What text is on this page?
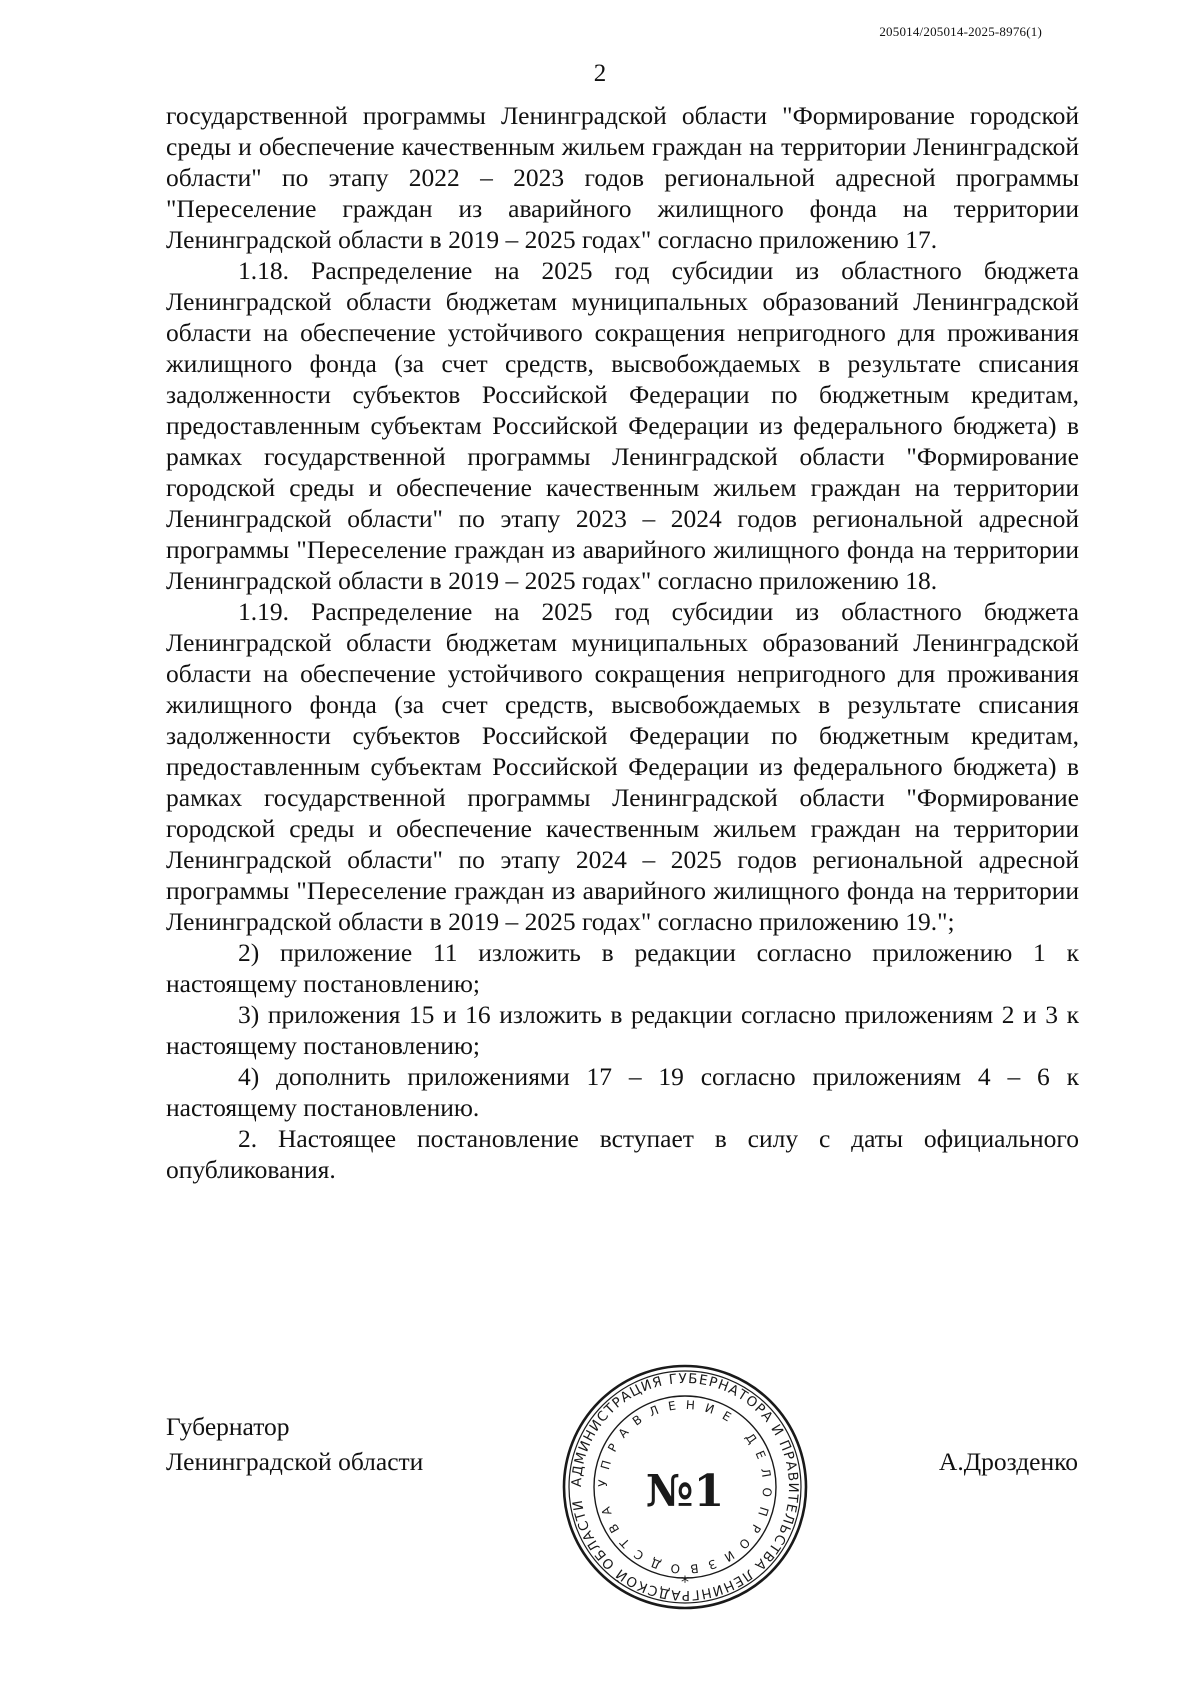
205014/205014-2025-8976(1)
2

государственной программы Ленинградской области "Формирование городской среды и обеспечение качественным жильем граждан на территории Ленинградской области" по этапу 2022 – 2023 годов региональной адресной программы "Переселение граждан из аварийного жилищного фонда на территории Ленинградской области в 2019 – 2025 годах" согласно приложению 17.

1.18. Распределение на 2025 год субсидии из областного бюджета Ленинградской области бюджетам муниципальных образований Ленинградской области на обеспечение устойчивого сокращения непригодного для проживания жилищного фонда (за счет средств, высвобождаемых в результате списания задолженности субъектов Российской Федерации по бюджетным кредитам, предоставленным субъектам Российской Федерации из федерального бюджета) в рамках государственной программы Ленинградской области "Формирование городской среды и обеспечение качественным жильем граждан на территории Ленинградской области" по этапу 2023 – 2024 годов региональной адресной программы "Переселение граждан из аварийного жилищного фонда на территории Ленинградской области в 2019 – 2025 годах" согласно приложению 18.

1.19. Распределение на 2025 год субсидии из областного бюджета Ленинградской области бюджетам муниципальных образований Ленинградской области на обеспечение устойчивого сокращения непригодного для проживания жилищного фонда (за счет средств, высвобождаемых в результате списания задолженности субъектов Российской Федерации по бюджетным кредитам, предоставленным субъектам Российской Федерации из федерального бюджета) в рамках государственной программы Ленинградской области "Формирование городской среды и обеспечение качественным жильем граждан на территории Ленинградской области" по этапу 2024 – 2025 годов региональной адресной программы "Переселение граждан из аварийного жилищного фонда на территории Ленинградской области в 2019 – 2025 годах" согласно приложению 19.";

2) приложение 11 изложить в редакции согласно приложению 1 к настоящему постановлению;

3) приложения 15 и 16 изложить в редакции согласно приложениям 2 и 3 к настоящему постановлению;

4) дополнить приложениями 17 – 19 согласно приложениям 4 – 6 к настоящему постановлению.

2. Настоящее постановление вступает в силу с даты официального опубликования.

Губернатор
Ленинградской области	А.Дрозденко
АДМИНИСТРАЦИЯ ГУБЕРНАТОРА И ПРАВИТЕЛЬСТВА ЛЕНИНГРАДСКОЙ ОБЛАСТИ
УПРАВЛЕНИЕ ДЕЛОПРОИЗВОДСТВА №1
*
